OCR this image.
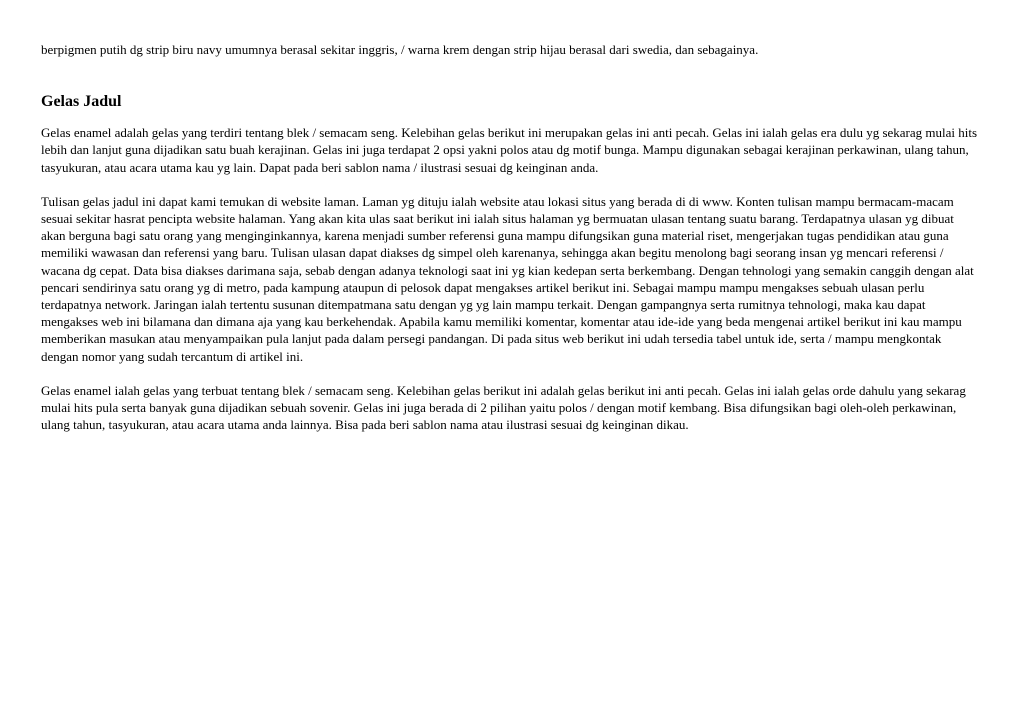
berpigmen putih dg strip biru navy umumnya berasal sekitar inggris, / warna krem dengan strip hijau berasal dari swedia, dan sebagainya.

Gelas Jadul

Gelas enamel adalah gelas yang terdiri tentang blek / semacam seng. Kelebihan gelas berikut ini merupakan gelas ini anti pecah. Gelas ini ialah gelas era dulu yg sekarag mulai hits lebih dan lanjut guna dijadikan satu buah kerajinan. Gelas ini juga terdapat 2 opsi yakni polos atau dg motif bunga. Mampu digunakan sebagai kerajinan perkawinan, ulang tahun, tasyukuran, atau acara utama kau yg lain. Dapat pada beri sablon nama / ilustrasi sesuai dg keinginan anda.

Tulisan gelas jadul ini dapat kami temukan di website laman. Laman yg dituju ialah website atau lokasi situs yang berada di di www. Konten tulisan mampu bermacam-macam sesuai sekitar hasrat pencipta website halaman. Yang akan kita ulas saat berikut ini ialah situs halaman yg bermuatan ulasan tentang suatu barang. Terdapatnya ulasan yg dibuat akan berguna bagi satu orang yang menginginkannya, karena menjadi sumber referensi guna mampu difungsikan guna material riset, mengerjakan tugas pendidikan atau guna memiliki wawasan dan referensi yang baru. Tulisan ulasan dapat diakses dg simpel oleh karenanya, sehingga akan begitu menolong bagi seorang insan yg mencari referensi / wacana dg cepat. Data bisa diakses darimana saja, sebab dengan adanya teknologi saat ini yg kian kedepan serta berkembang. Dengan tehnologi yang semakin canggih dengan alat pencari sendirinya satu orang yg di metro, pada kampung ataupun di pelosok dapat mengakses artikel berikut ini. Sebagai mampu mampu mengakses sebuah ulasan perlu terdapatnya network. Jaringan ialah tertentu susunan ditempatmana satu dengan yg yg lain mampu terkait. Dengan gampangnya serta rumitnya tehnologi, maka kau dapat mengakses web ini bilamana dan dimana aja yang kau berkehendak. Apabila kamu memiliki komentar, komentar atau ide-ide yang beda mengenai artikel berikut ini kau mampu memberikan masukan atau menyampaikan pula lanjut pada dalam persegi pandangan. Di pada situs web berikut ini udah tersedia tabel untuk ide, serta / mampu mengkontak dengan nomor yang sudah tercantum di artikel ini.

Gelas enamel ialah gelas yang terbuat tentang blek / semacam seng. Kelebihan gelas berikut ini adalah gelas berikut ini anti pecah. Gelas ini ialah gelas orde dahulu yang sekarag mulai hits pula serta banyak guna dijadikan sebuah sovenir. Gelas ini juga berada di 2 pilihan yaitu polos / dengan motif kembang. Bisa difungsikan bagi oleh-oleh perkawinan, ulang tahun, tasyukuran, atau acara utama anda lainnya. Bisa pada beri sablon nama atau ilustrasi sesuai dg keinginan dikau.
